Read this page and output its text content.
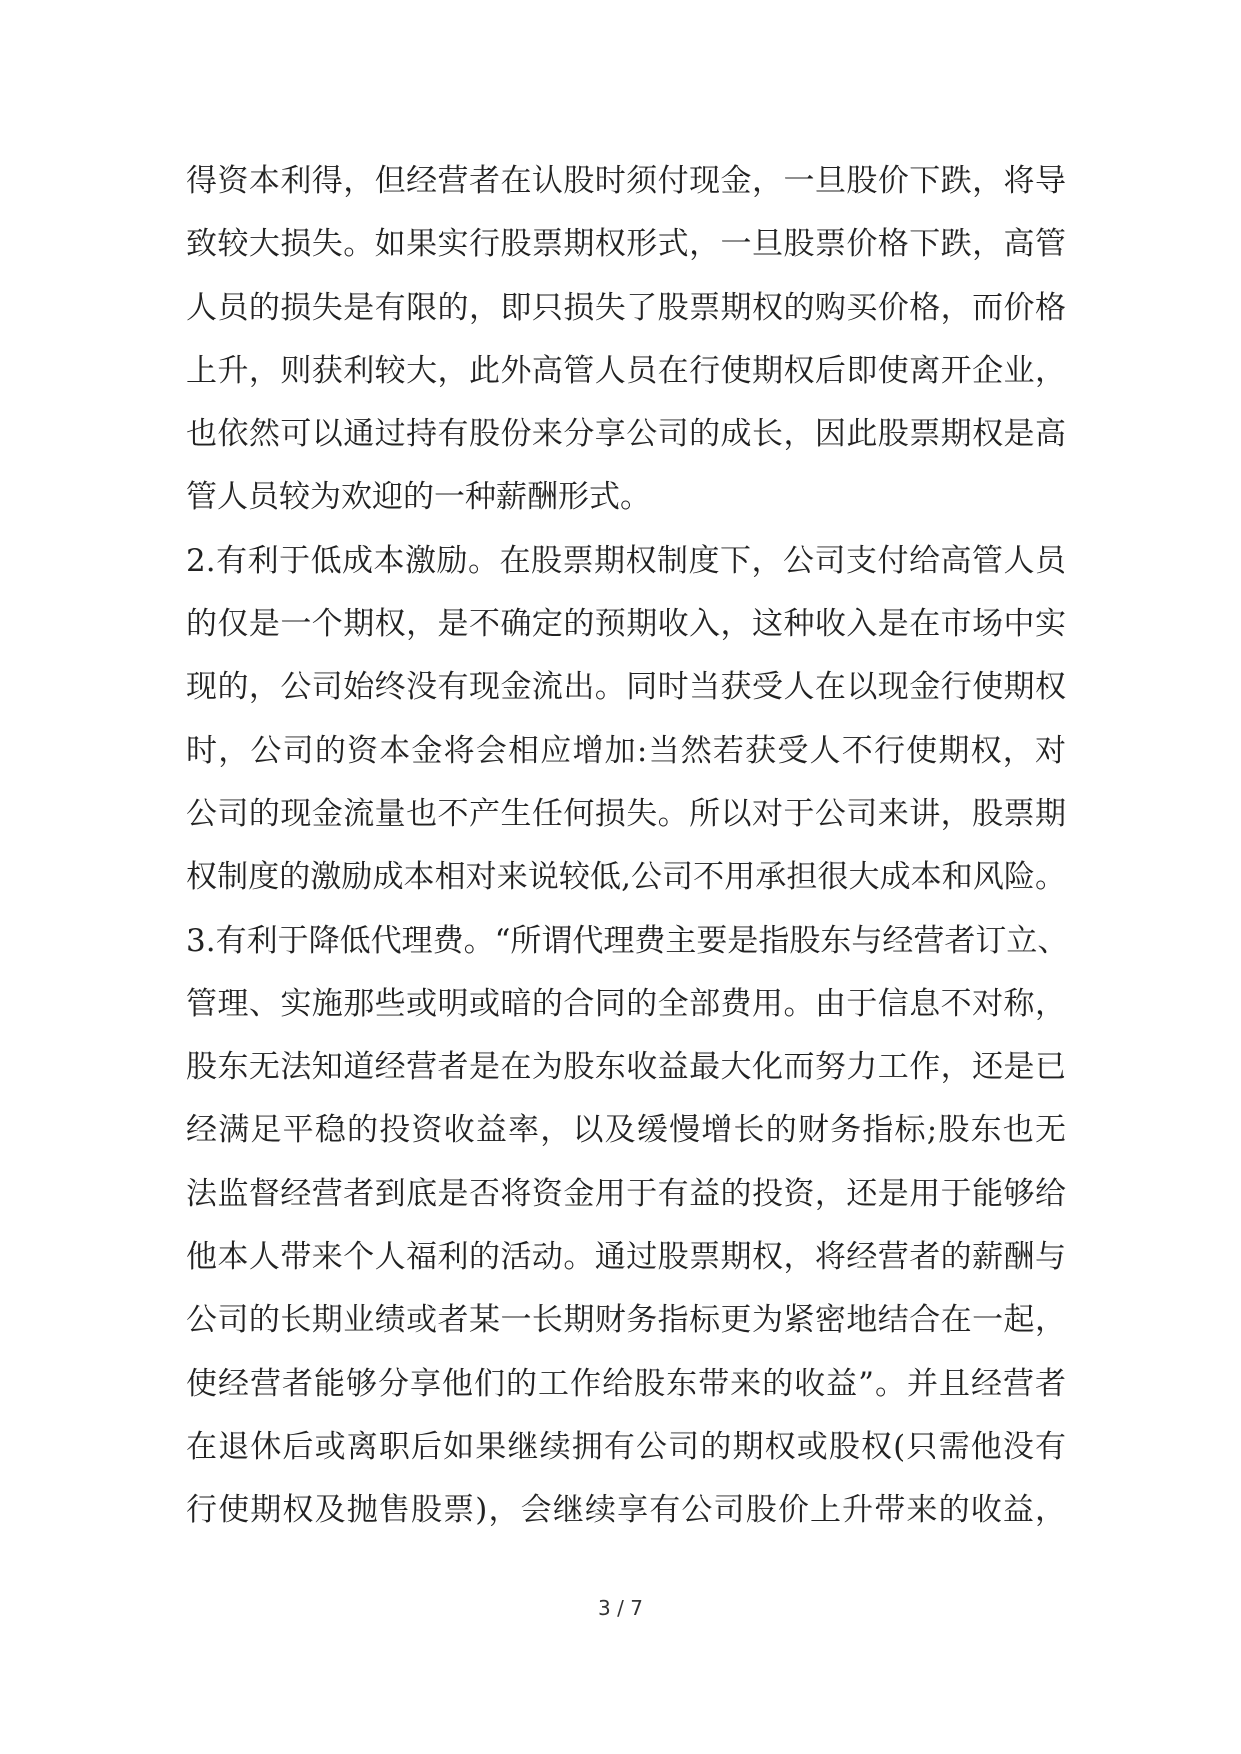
得资本利得，但经营者在认股时须付现金，一旦股价下跌，将导
致较大损失。如果实行股票期权形式，一旦股票价格下跌，高管
人员的损失是有限的，即只损失了股票期权的购买价格，而价格
上升，则获利较大，此外高管人员在行使期权后即使离开企业，
也依然可以通过持有股份来分享公司的成长，因此股票期权是高
管人员较为欢迎的一种薪酬形式。
2.有利于低成本激励。在股票期权制度下，公司支付给高管人员
的仅是一个期权，是不确定的预期收入，这种收入是在市场中实
现的，公司始终没有现金流出。同时当获受人在以现金行使期权
时，公司的资本金将会相应增加:当然若获受人不行使期权，对
公司的现金流量也不产生任何损失。所以对于公司来讲，股票期
权制度的激励成本相对来说较低,公司不用承担很大成本和风险。
3.有利于降低代理费。“所谓代理费主要是指股东与经营者订立、
管理、实施那些或明或暗的合同的全部费用。由于信息不对称，
股东无法知道经营者是在为股东收益最大化而努力工作，还是已
经满足平稳的投资收益率，以及缓慢增长的财务指标;股东也无
法监督经营者到底是否将资金用于有益的投资，还是用于能够给
他本人带来个人福利的活动。通过股票期权，将经营者的薪酬与
公司的长期业绩或者某一长期财务指标更为紧密地结合在一起，
使经营者能够分享他们的工作给股东带来的收益”。并且经营者
在退休后或离职后如果继续拥有公司的期权或股权(只需他没有
行使期权及抛售股票)，会继续享有公司股价上升带来的收益，
3 / 7
